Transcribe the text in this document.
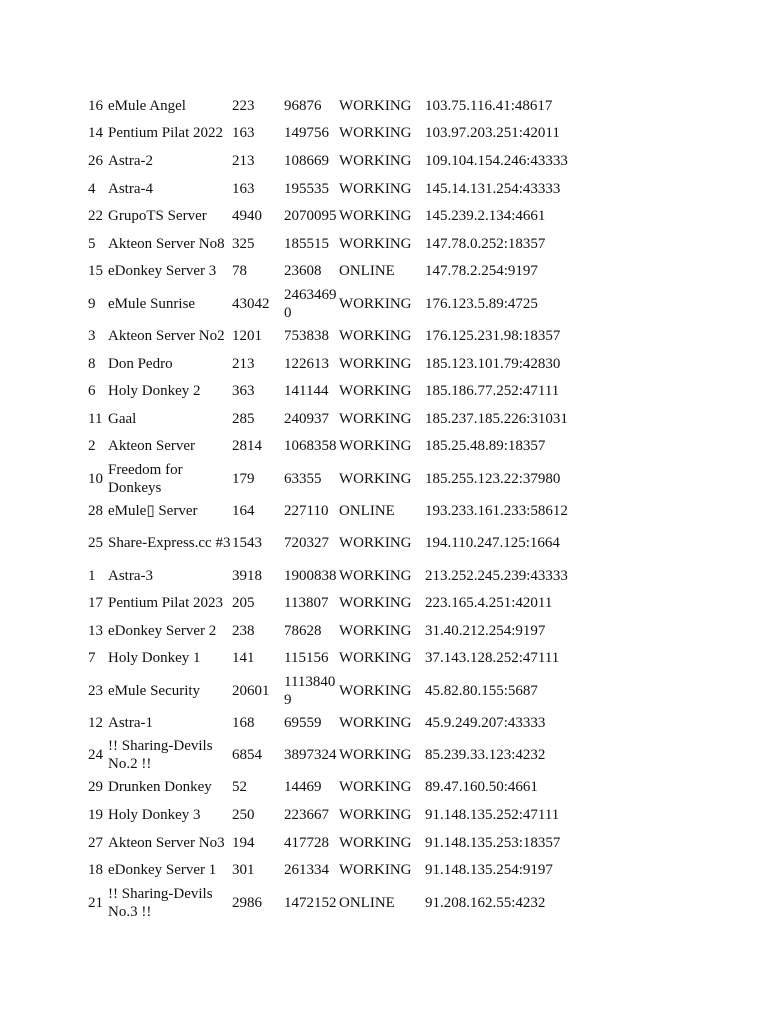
16	eMule Angel	223	96876	WORKING	103.75.116.41:48617
14	Pentium Pilat 2022	163	149756	WORKING	103.97.203.251:42011
26	Astra-2	213	108669	WORKING	109.104.154.246:43333
4	Astra-4	163	195535	WORKING	145.14.131.254:43333
22	GrupoTS Server	4940	2070095	WORKING	145.239.2.134:4661
5	Akteon Server No8	325	185515	WORKING	147.78.0.252:18357
15	eDonkey Server 3	78	23608	ONLINE	147.78.2.254:9197
9	eMule Sunrise	43042	24634690	WORKING	176.123.5.89:4725
3	Akteon Server No2	1201	753838	WORKING	176.125.231.98:18357
8	Don Pedro	213	122613	WORKING	185.123.101.79:42830
6	Holy Donkey 2	363	141144	WORKING	185.186.77.252:47111
11	Gaal	285	240937	WORKING	185.237.185.226:31031
2	Akteon Server	2814	1068358	WORKING	185.25.48.89:18357
10	Freedom for Donkeys	179	63355	WORKING	185.255.123.22:37980
28	eMule▯ Server	164	227110	ONLINE	193.233.161.233:58612
25	Share-Express.cc #3	1543	720327	WORKING	194.110.247.125:1664
1	Astra-3	3918	1900838	WORKING	213.252.245.239:43333
17	Pentium Pilat 2023	205	113807	WORKING	223.165.4.251:42011
13	eDonkey Server 2	238	78628	WORKING	31.40.212.254:9197
7	Holy Donkey 1	141	115156	WORKING	37.143.128.252:47111
23	eMule Security	20601	11138409	WORKING	45.82.80.155:5687
12	Astra-1	168	69559	WORKING	45.9.249.207:43333
24	!! Sharing-Devils No.2 !!	6854	3897324	WORKING	85.239.33.123:4232
29	Drunken Donkey	52	14469	WORKING	89.47.160.50:4661
19	Holy Donkey 3	250	223667	WORKING	91.148.135.252:47111
27	Akteon Server No3	194	417728	WORKING	91.148.135.253:18357
18	eDonkey Server 1	301	261334	WORKING	91.148.135.254:9197
21	!! Sharing-Devils No.3 !!	2986	1472152	ONLINE	91.208.162.55:4232
